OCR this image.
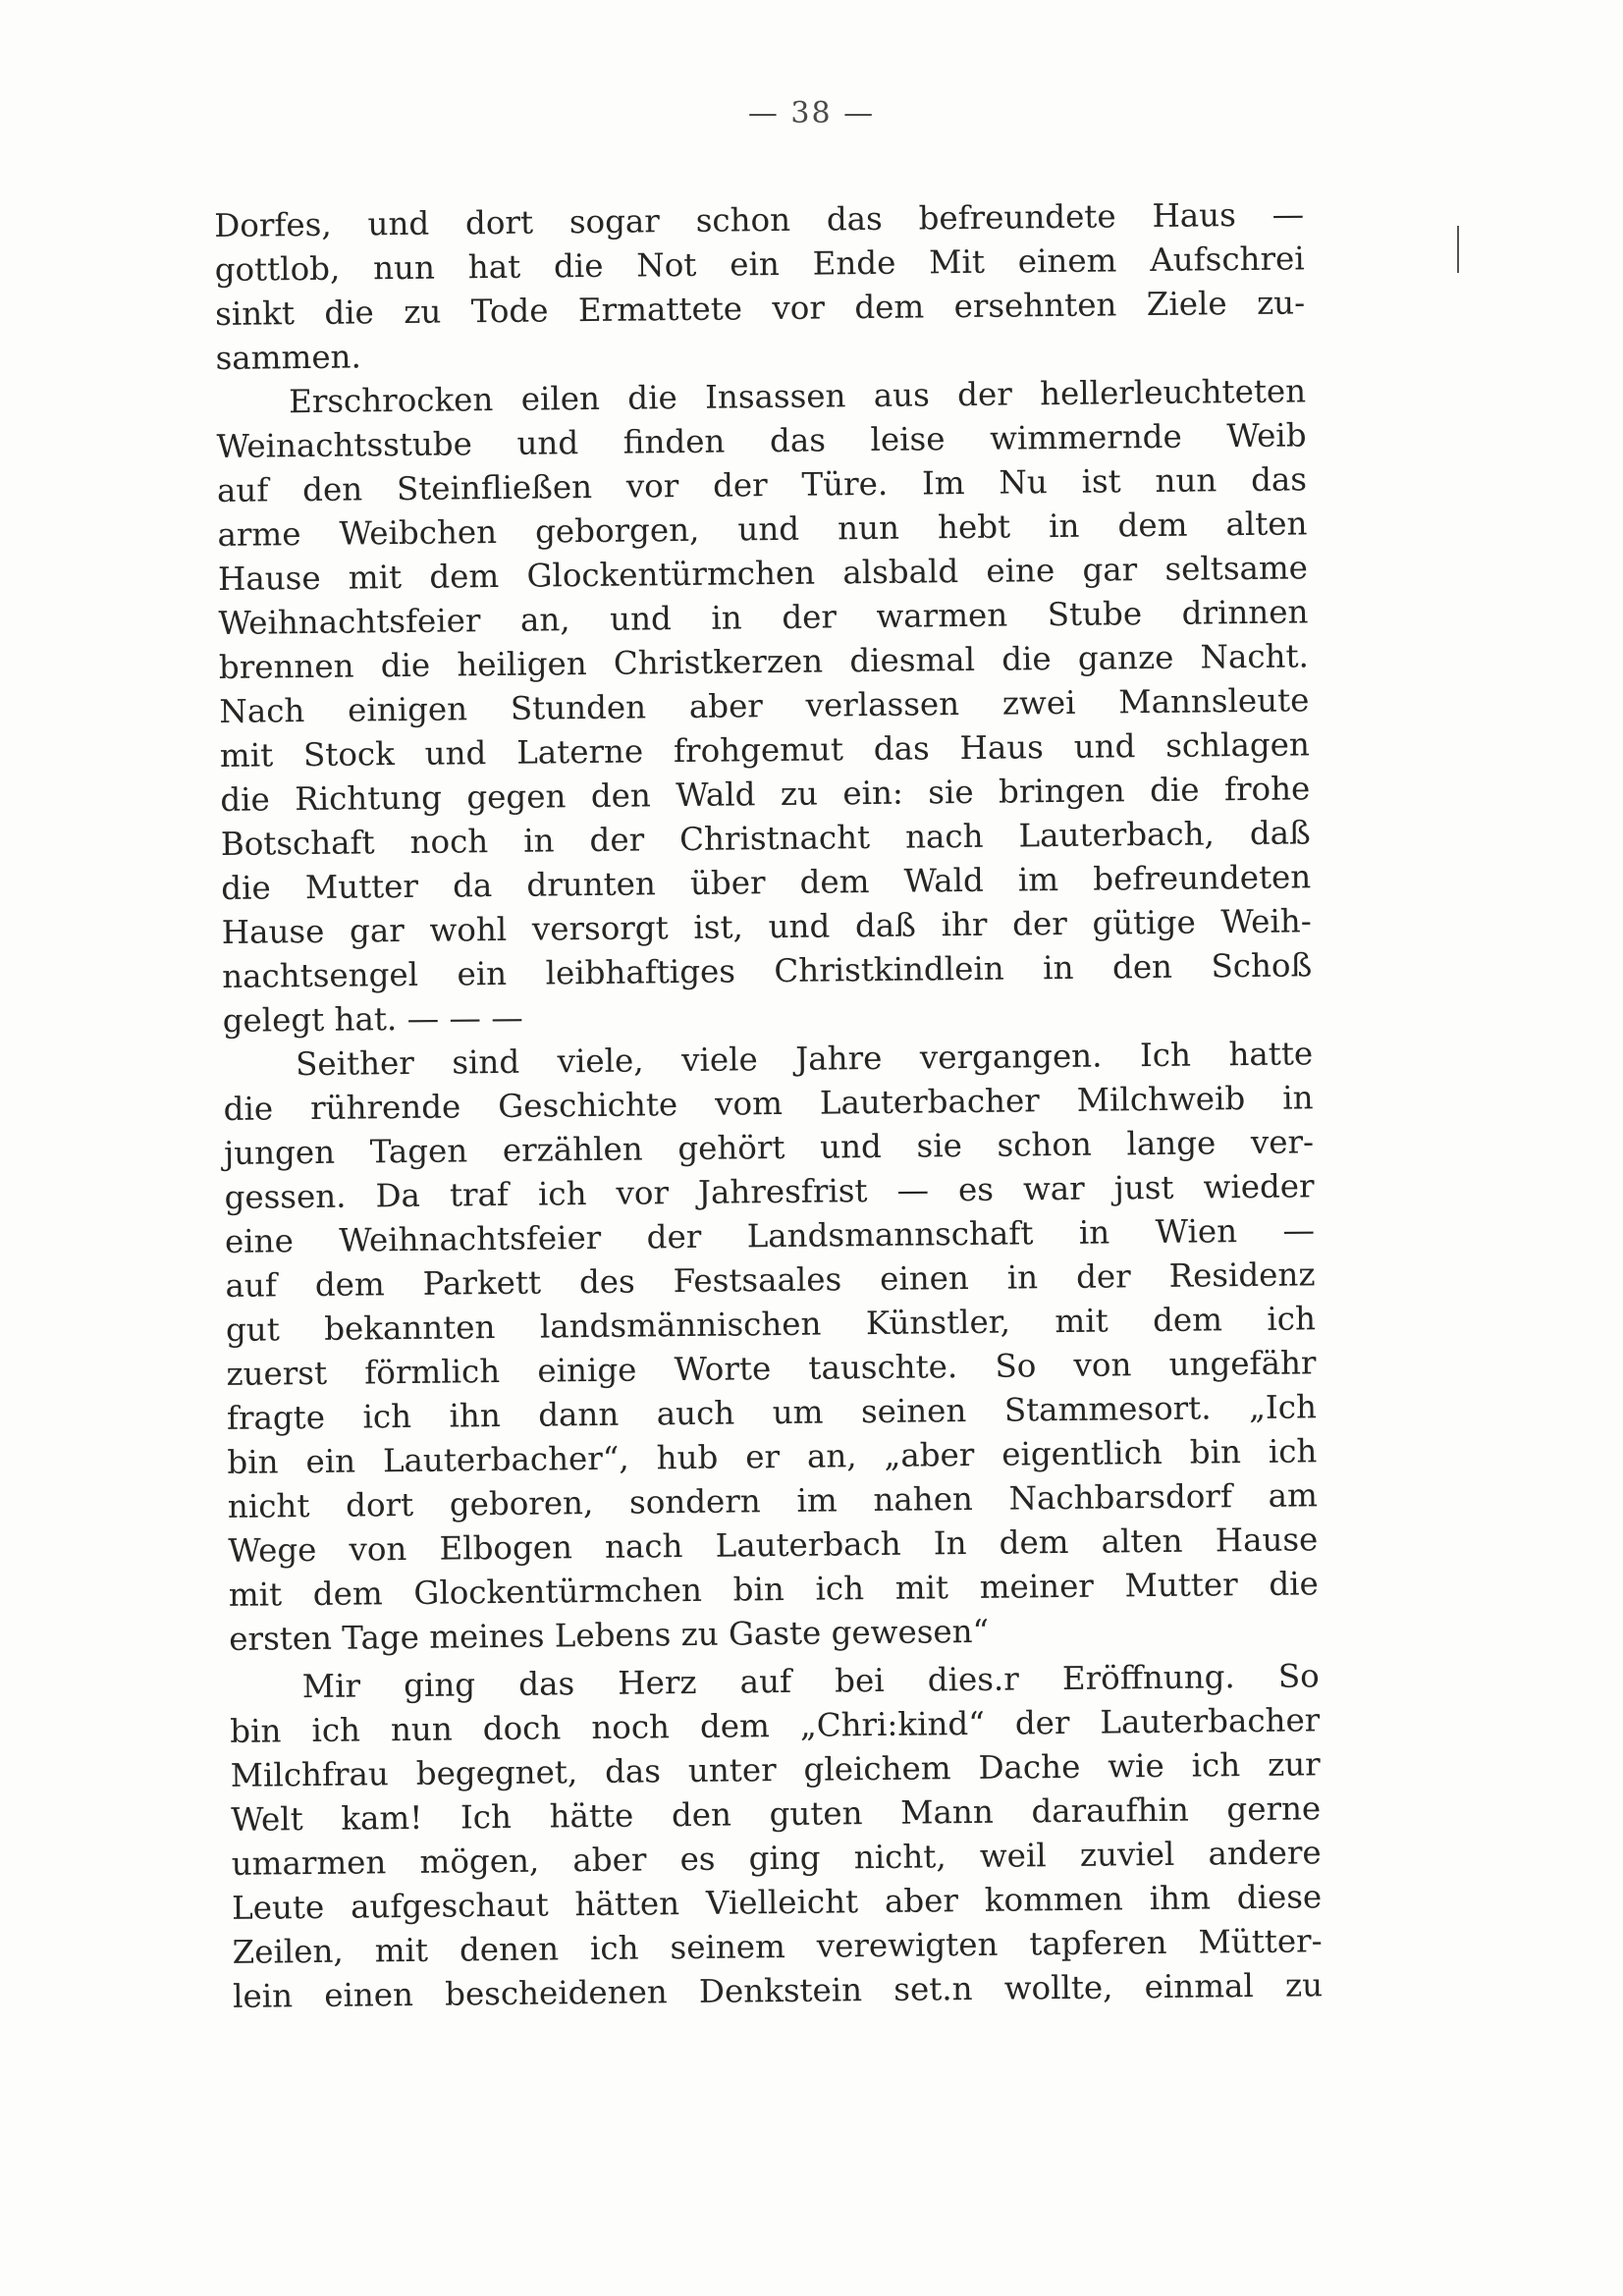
— 38 —
Dorfes, und dort sogar schon das befreundete Haus —
gottlob, nun hat die Not ein Ende Mit einem Aufschrei
sinkt die zu Tode Ermattete vor dem ersehnten Ziele zu-
sammen.
Erschrocken eilen die Insassen aus der hellerleuchteten
Weinachtsstube und finden das leise wimmernde Weib
auf den Steinfließen vor der Türe. Im Nu ist nun das
arme Weibchen geborgen, und nun hebt in dem alten
Hause mit dem Glockentürmchen alsbald eine gar seltsame
Weihnachtsfeier an, und in der warmen Stube drinnen
brennen die heiligen Christkerzen diesmal die ganze Nacht.
Nach einigen Stunden aber verlassen zwei Mannsleute
mit Stock und Laterne frohgemut das Haus und schlagen
die Richtung gegen den Wald zu ein: sie bringen die frohe
Botschaft noch in der Christnacht nach Lauterbach, daß
die Mutter da drunten über dem Wald im befreundeten
Hause gar wohl versorgt ist, und daß ihr der gütige Weih-
nachtsengel ein leibhaftiges Christkindlein in den Schoß
gelegt hat. — — —
Seither sind viele, viele Jahre vergangen. Ich hatte
die rührende Geschichte vom Lauterbacher Milchweib in
jungen Tagen erzählen gehört und sie schon lange ver-
gessen. Da traf ich vor Jahresfrist — es war just wieder
eine Weihnachtsfeier der Landsmannschaft in Wien —
auf dem Parkett des Festsaales einen in der Residenz
gut bekannten landsmännischen Künstler, mit dem ich
zuerst förmlich einige Worte tauschte. So von ungefähr
fragte ich ihn dann auch um seinen Stammesort. „Ich
bin ein Lauterbacher“, hub er an, „aber eigentlich bin ich
nicht dort geboren, sondern im nahen Nachbarsdorf am
Wege von Elbogen nach Lauterbach In dem alten Hause
mit dem Glockentürmchen bin ich mit meiner Mutter die
ersten Tage meines Lebens zu Gaste gewesen“
Mir ging das Herz auf bei dies.r Eröffnung. So
bin ich nun doch noch dem „Chri:kind“ der Lauterbacher
Milchfrau begegnet, das unter gleichem Dache wie ich zur
Welt kam! Ich hätte den guten Mann daraufhin gerne
umarmen mögen, aber es ging nicht, weil zuviel andere
Leute aufgeschaut hätten Vielleicht aber kommen ihm diese
Zeilen, mit denen ich seinem verewigten tapferen Mütter-
lein einen bescheidenen Denkstein set.n wollte, einmal zu
